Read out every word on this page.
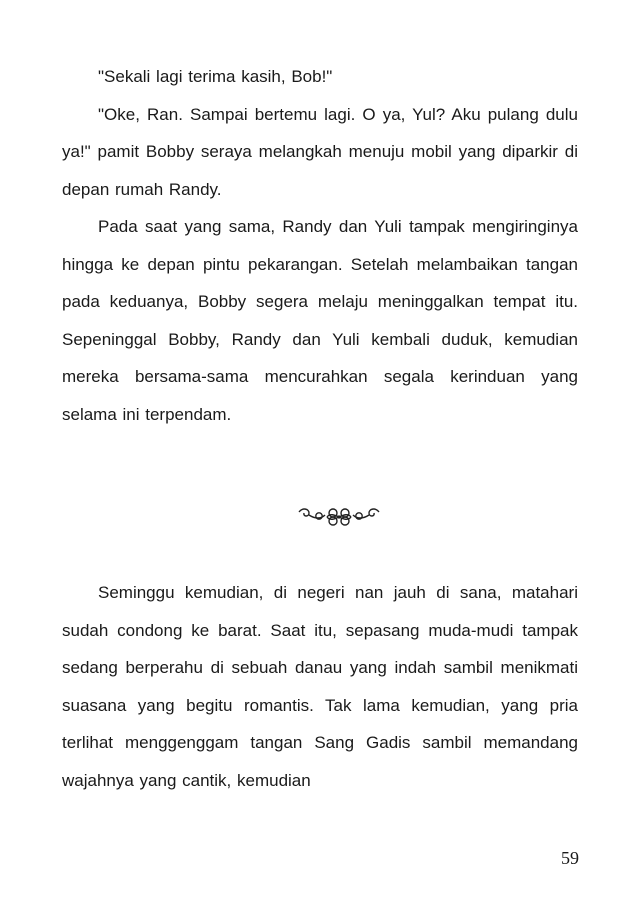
"Sekali lagi terima kasih, Bob!"

"Oke, Ran. Sampai bertemu lagi. O ya, Yul? Aku pulang dulu ya!" pamit Bobby seraya melangkah menuju mobil yang diparkir di depan rumah Randy.

Pada saat yang sama, Randy dan Yuli tampak mengiringinya hingga ke depan pintu pekarangan. Setelah melambaikan tangan pada keduanya, Bobby segera melaju meninggalkan tempat itu. Sepeninggal Bobby, Randy dan Yuli kembali duduk, kemudian mereka bersama-sama mencurahkan segala kerinduan yang selama ini terpendam.

Seminggu kemudian, di negeri nan jauh di sana, matahari sudah condong ke barat. Saat itu, sepasang muda-mudi tampak sedang berperahu di sebuah danau yang indah sambil menikmati suasana yang begitu romantis. Tak lama kemudian, yang pria terlihat menggenggam tangan Sang Gadis sambil memandang wajahnya yang cantik, kemudian

59
